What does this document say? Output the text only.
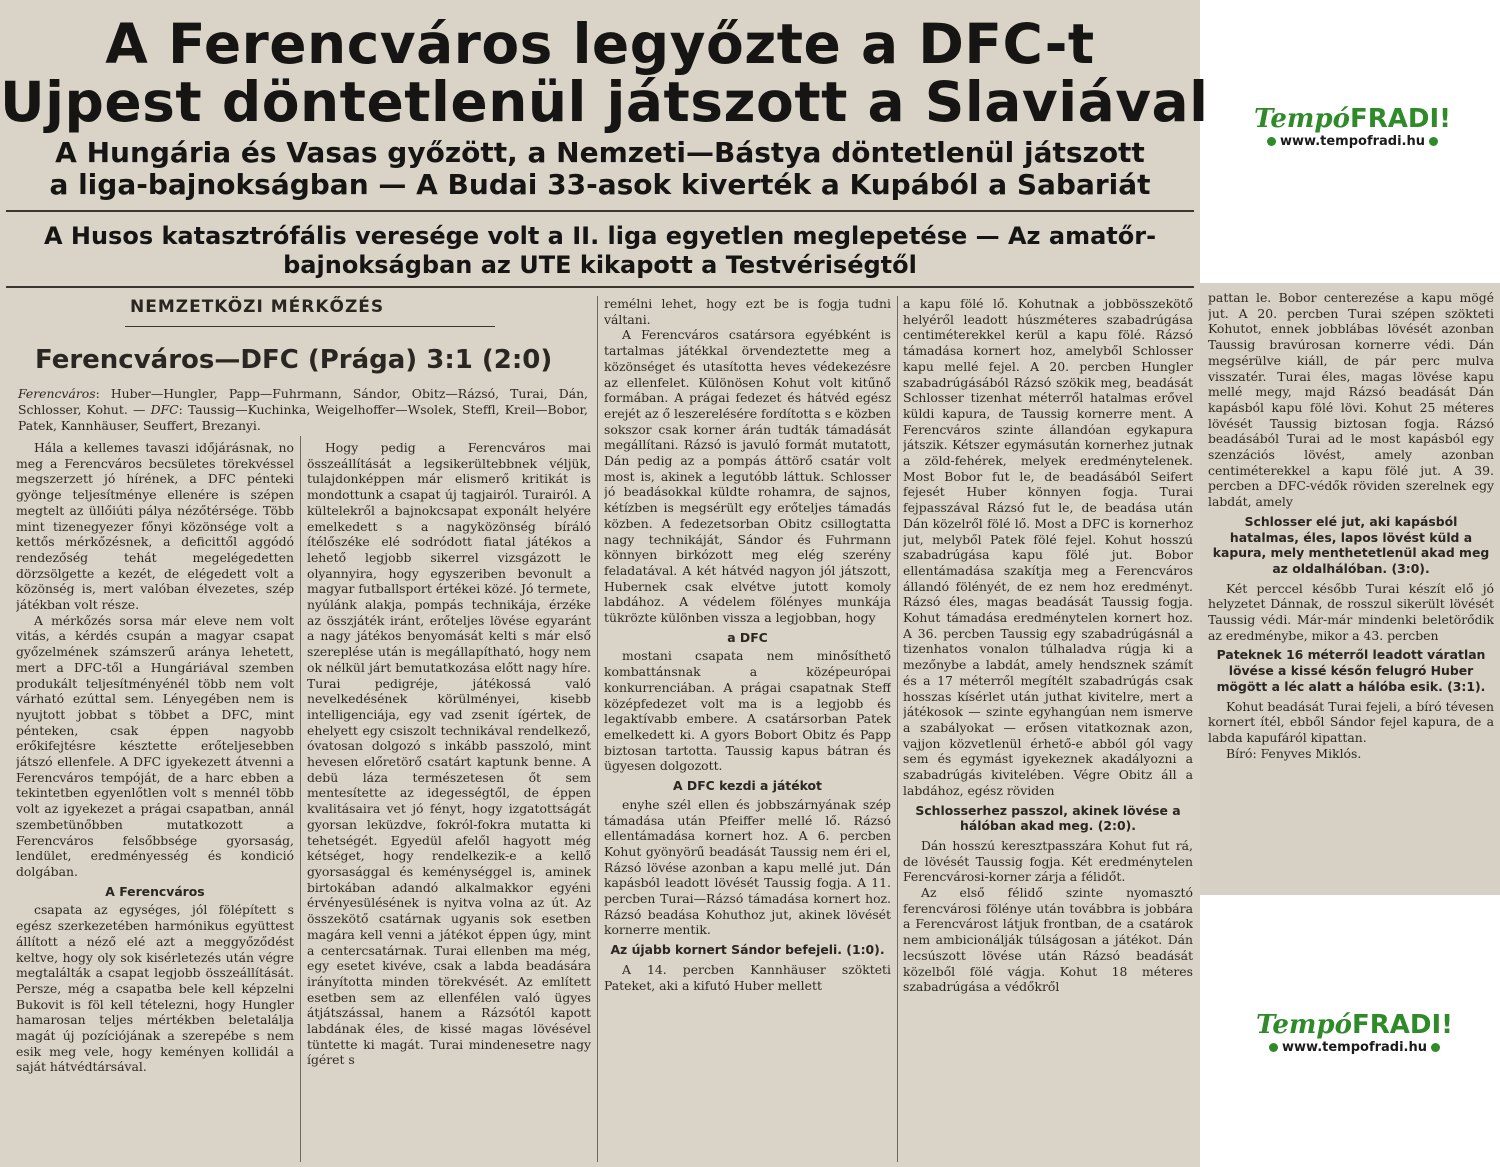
A Ferencváros legyőzte a DFC-t
Ujpest döntetlenül játszott a Slaviával
A Hungária és Vasas győzött, a Nemzeti—Bástya döntetlenül játszott
a liga-bajnokságban — A Budai 33-asok kiverték a Kupából a Sabariát
A Husos katasztrófális veresége volt a II. liga egyetlen meglepetése — Az amatőr-
bajnokságban az UTE kikapott a Testvériségtől
NEMZETKÖZI MÉRKŐZÉS
Ferencváros—DFC (Prága) 3:1 (2:0)
Ferencváros: Huber—Hungler, Papp—Fuhrmann, Sándor, Obitz—Rázsó, Turai, Dán, Schlosser, Kohut. — DFC: Taussig—Kuchinka, Weigelhoffer—Wsolek, Steffl, Kreil—Bobor, Patek, Kannhäuser, Seuffert, Brezanyi.

Hála a kellemes tavaszi időjárásnak, no meg a Ferencváros becsületes törekvéssel megszerzett jó hírének, a DFC pénteki gyönge teljesítménye ellenére is szépen megtelt az üllőiúti pálya nézőtérsége. Több mint tizenegyezer főnyi közönsége volt a kettős mérkőzésnek, a deficittől aggódó rendezőség tehát megelégedetten dörzsölgette a kezét, de elégedett volt a közönség is, mert valóban élvezetes, szép játékban volt része.

A mérkőzés sorsa már eleve nem volt vitás, a kérdés csupán a magyar csapat győzelmének számszerű aránya lehetett, mert a DFC-től a Hungáriával szemben produkált teljesítményénél több nem volt várható ezúttal sem. Lényegében nem is nyujtott jobbat s többet a DFC, mint pénteken, csak éppen nagyobb erőkifejtésre késztette erőteljesebben játszó ellenfele. A DFC igyekezett átvenni a Ferencváros tempóját, de a harc ebben a tekintetben egyenlőtlen volt s mennél több volt az igyekezet a prágai csapatban, annál szembetünőbben mutatkozott a Ferencváros felsőbbsége gyorsaság, lendület, eredményesség és kondició dolgában.

A Ferencváros

csapata az egységes, jól fölépített s egész szerkezetében harmónikus együttest állított a néző elé azt a meggyőződést keltve, hogy oly sok kisérletezés után végre megtalálták a csapat legjobb összeállítását. Persze, még a csapatba bele kell képzelni Bukovit is föl kell tételezni, hogy Hungler hamarosan teljes mértékben beletalálja magát új pozíciójának a szerepébe s nem esik meg vele, hogy keményen kollidál a saját hátvédtársával.

Hogy pedig a Ferencváros mai összeállítását a legsikerültebbnek véljük, tulajdonképpen már elismerő kritikát is mondottunk a csapat új tagjairól. Turairól. A kültelekről a bajnokcsapat exponált helyére emelkedett s a nagyközönség bíráló ítélőszéke elé sodródott fiatal játékos a lehető legjobb sikerrel vizsgázott le olyannyira, hogy egyszeriben bevonult a magyar futballsport értékei közé. Jó termete, nyúlánk alakja, pompás technikája, érzéke az összjáték iránt, erőteljes lövése egyaránt a nagy játékos benyomását kelti s már első szereplése után is megállapítható, hogy nem ok nélkül járt bemutatkozása előtt nagy híre. Turai pedigréje, játékossá való nevelkedésének körülményei, kisebb intelligenciája, egy vad zsenit ígértek, de ehelyett egy csiszolt technikával rendelkező, óvatosan dolgozó s inkább passzoló, mint hevesen előretörő csatárt kaptunk benne. A debü láza természetesen őt sem mentesítette az idegességtől, de éppen kvalitásaira vet jó fényt, hogy izgatottságát gyorsan leküzdve, fokról-fokra mutatta ki tehetségét. Egyedül afelől hagyott még kétséget, hogy rendelkezik-e a kellő gyorsasággal és keménységgel is, aminek birtokában adandó alkalmakkor egyéni érvényesülésének is nyitva volna az út. Az összekötő csatárnak ugyanis sok esetben magára kell venni a játékot éppen úgy, mint a centercsatárnak. Turai ellenben ma még, egy esetet kivéve, csak a labda beadására irányította minden törekvését. Az említett esetben sem az ellenfélen való ügyes átjátszással, hanem a Rázsótól kapott labdának éles, de kissé magas lövésével tüntette ki magát. Turai mindenesetre nagy ígéret s

remélni lehet, hogy ezt be is fogja tudni váltani.

A Ferencváros csatársora egyébként is tartalmas játékkal örvendeztette meg a közönséget és utasította heves védekezésre az ellenfelet. Különösen Kohut volt kitűnő formában. A prágai fedezet és hátvéd egész erejét az ő leszerelésére fordította s e közben sokszor csak korner árán tudták támadását megállítani. Rázsó is javuló formát mutatott, Dán pedig az a pompás áttörő csatár volt most is, akinek a legutóbb láttuk. Schlosser jó beadásokkal küldte rohamra, de sajnos, kétízben is megsérült egy erőteljes támadás közben. A fedezetsorban Obitz csillogtatta nagy technikáját, Sándor és Fuhrmann könnyen birkózott meg elég szerény feladatával. A két hátvéd nagyon jól játszott, Hubernek csak elvétve jutott komoly labdához. A védelem fölényes munkája tükrözte különben vissza a legjobban, hogy

a DFC

mostani csapata nem minősíthető kombattánsnak a középeurópai konkurrenciában. A prágai csapatnak Steff középfedezet volt ma is a legjobb és legaktívabb embere. A csatársorban Patek emelkedett ki. A gyors Bobort Obitz és Papp biztosan tartotta. Taussig kapus bátran és ügyesen dolgozott.

A DFC kezdi a játékot

enyhe szél ellen és jobbszárnyának szép támadása után Pfeiffer mellé lő. Rázsó ellentámadása kornert hoz. A 6. percben Kohut gyönyörű beadását Taussig nem éri el, Rázsó lövése azonban a kapu mellé jut. Dán kapásból leadott lövését Taussig fogja. A 11. percben Turai—Rázsó támadása kornert hoz. Rázsó beadása Kohuthoz jut, akinek lövését kornerre mentik.

Az újabb kornert Sándor befejeli. (1:0).

A 14. percben Kannhäuser szökteti Pateket, aki a kifutó Huber mellett

a kapu fölé lő. Kohutnak a jobbösszekötő helyéről leadott húszméteres szabadrúgása centiméterekkel kerül a kapu fölé. Rázsó támadása kornert hoz, amelyből Schlosser kapu mellé fejel. A 20. percben Hungler szabadrúgásából Rázsó szökik meg, beadását Schlosser tizenhat méterről hatalmas erővel küldi kapura, de Taussig kornerre ment. A Ferencváros szinte állandóan egykapura játszik. Kétszer egymásután kornerhez jutnak a zöld-fehérek, melyek eredménytelenek. Most Bobor fut le, de beadásából Seifert fejesét Huber könnyen fogja. Turai fejpasszával Rázsó fut le, de beadása után Dán közelről fölé lő. Most a DFC is kornerhoz jut, melyből Patek fölé fejel. Kohut hosszú szabadrúgása kapu fölé jut. Bobor ellentámadása szakítja meg a Ferencváros állandó fölényét, de ez nem hoz eredményt. Rázsó éles, magas beadását Taussig fogja. Kohut támadása eredménytelen kornert hoz. A 36. percben Taussig egy szabadrúgásnál a tizenhatos vonalon túlhaladva rúgja ki a mezőnybe a labdát, amely hendsznek számít és a 17 méterről megítélt szabadrúgás csak hosszas kísérlet után juthat kivitelre, mert a játékosok — szinte egyhangúan nem ismerve a szabályokat — erősen vitatkoznak azon, vajjon közvetlenül érhető-e abból gól vagy sem és egymást igyekeznek akadályozni a szabadrúgás kivitelében. Végre Obitz áll a labdához, egész röviden

Schlosserhez passzol, akinek lövése a hálóban akad meg. (2:0).

Dán hosszú keresztpasszára Kohut fut rá, de lövését Taussig fogja. Két eredménytelen Ferencvárosi-korner zárja a félidőt.

Az első félidő szinte nyomasztó ferencvárosi fölénye után továbbra is jobbára a Ferencvárost látjuk frontban, de a csatárok nem ambicionálják túlságosan a játékot. Dán lecsúszott lövése után Rázsó beadását közelből fölé vágja. Kohut 18 méteres szabadrúgása a védőkről

pattan le. Bobor centerezése a kapu mögé jut. A 20. percben Turai szépen szökteti Kohutot, ennek jobblábas lövését azonban Taussig bravúrosan kornerre védi. Dán megsérülve kiáll, de pár perc mulva visszatér. Turai éles, magas lövése kapu mellé megy, majd Rázsó beadását Dán kapásból kapu fölé lövi. Kohut 25 méteres lövését Taussig biztosan fogja. Rázsó beadásából Turai ad le most kapásból egy szenzációs lövést, amely azonban centiméterekkel a kapu fölé jut. A 39. percben a DFC-védők röviden szerelnek egy labdát, amely

Schlosser elé jut, aki kapásból hatalmas, éles, lapos lövést küld a kapura, mely menthetetlenül akad meg az oldalhálóban. (3:0).

Két perccel később Turai készít elő jó helyzetet Dánnak, de rosszul sikerült lövését Taussig védi. Már-már mindenki beletörődik az eredménybe, mikor a 43. percben

Pateknek 16 méterről leadott váratlan lövése a kissé későn felugró Huber mögött a léc alatt a hálóba esik. (3:1).

Kohut beadását Turai fejeli, a bíró tévesen kornert ítél, ebből Sándor fejel kapura, de a labda kapufáról kipattan.

Bíró: Fenyves Miklós.

TempóFRADI!
www.tempofradi.hu
TempóFRADI!
www.tempofradi.hu
